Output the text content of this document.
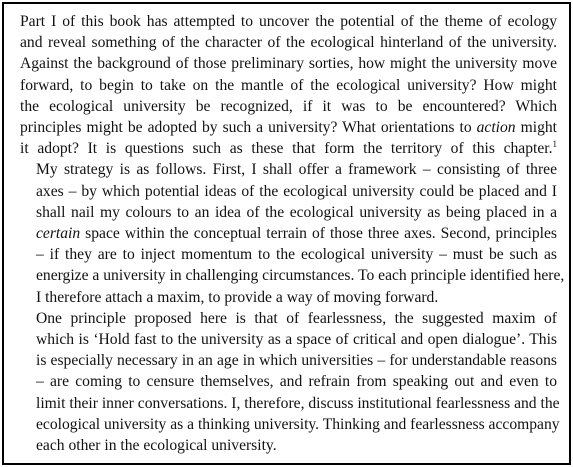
Part I of this book has attempted to uncover the potential of the theme of ecology
and reveal something of the character of the ecological hinterland of the university.
Against the background of those preliminary sorties, how might the university move
forward, to begin to take on the mantle of the ecological university? How might
the ecological university be recognized, if it was to be encountered? Which
principles might be adopted by such a university? What orientations to action might
it adopt? It is questions such as these that form the territory of this chapter.$^1$

My strategy is as follows. First, I shall offer a framework – consisting of three
axes – by which potential ideas of the ecological university could be placed and I
shall nail my colours to an idea of the ecological university as being placed in a
certain space within the conceptual terrain of those three axes. Second, principles
– if they are to inject momentum to the ecological university – must be such as
energize a university in challenging circumstances. To each principle identified here,
I therefore attach a maxim, to provide a way of moving forward.

One principle proposed here is that of fearlessness, the suggested maxim of
which is ‘Hold fast to the university as a space of critical and open dialogue’. This
is especially necessary in an age in which universities – for understandable reasons
– are coming to censure themselves, and refrain from speaking out and even to
limit their inner conversations. I, therefore, discuss institutional fearlessness and the
ecological university as a thinking university. Thinking and fearlessness accompany
each other in the ecological university.
